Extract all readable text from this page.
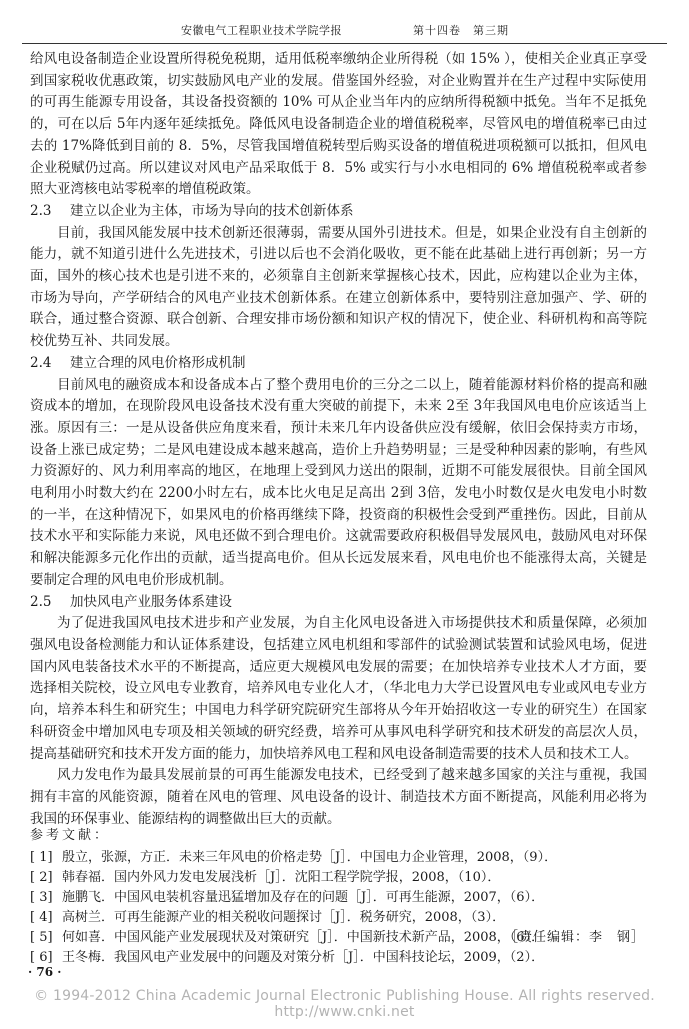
安徽电气工程职业技术学院学报	第十四卷　第三期

给风电设备制造企业设置所得税免税期，适用低税率缴纳企业所得税（如 15% ），使相关企业真正享受到国家税收优惠政策，切实鼓励风电产业的发展。借鉴国外经验，对企业购置并在生产过程中实际使用的可再生能源专用设备，其设备投资额的 10% 可从企业当年内的应纳所得税额中抵免。当年不足抵免的，可在以后 5年内逐年延续抵免。降低风电设备制造企业的增值税税率，尽管风电的增值税率已由过去的 17%降低到目前的 8．5%，尽管我国增值税转型后购买设备的增值税进项税额可以抵扣，但风电企业税赋仍过高。所以建议对风电产品采取低于 8．5% 或实行与小水电相同的 6% 增值税税率或者参照大亚湾核电站零税率的增值税政策。

2.3 建立以企业为主体，市场为导向的技术创新体系

目前，我国风能发展中技术创新还很薄弱，需要从国外引进技术。但是，如果企业没有自主创新的能力，就不知道引进什么先进技术，引进以后也不会消化吸收，更不能在此基础上进行再创新；另一方面，国外的核心技术也是引进不来的，必须靠自主创新来掌握核心技术，因此，应构建以企业为主体，市场为导向，产学研结合的风电产业技术创新体系。在建立创新体系中，要特别注意加强产、学、研的联合，通过整合资源、联合创新、合理安排市场份额和知识产权的情况下，使企业、科研机构和高等院校优势互补、共同发展。

2.4 建立合理的风电价格形成机制

目前风电的融资成本和设备成本占了整个费用电价的三分之二以上，随着能源材料价格的提高和融资成本的增加，在现阶段风电设备技术没有重大突破的前提下，未来 2至 3年我国风电电价应该适当上涨。原因有三：一是从设备供应角度来看，预计未来几年内设备供应没有缓解，依旧会保持卖方市场，设备上涨已成定势；二是风电建设成本越来越高，造价上升趋势明显；三是受种种因素的影响，有些风力资源好的、风力利用率高的地区，在地理上受到风力送出的限制，近期不可能发展很快。目前全国风电利用小时数大约在 2200小时左右，成本比火电足足高出 2到 3倍，发电小时数仅是火电发电小时数的一半，在这种情况下，如果风电的价格再继续下降，投资商的积极性会受到严重挫伤。因此，目前从技术水平和实际能力来说，风电还做不到合理电价。这就需要政府积极倡导发展风电，鼓励风电对环保和解决能源多元化作出的贡献，适当提高电价。但从长远发展来看，风电电价也不能涨得太高，关键是要制定合理的风电电价形成机制。

2.5 加快风电产业服务体系建设

为了促进我国风电技术进步和产业发展，为自主化风电设备进入市场提供技术和质量保障，必须加强风电设备检测能力和认证体系建设，包括建立风电机组和零部件的试验测试装置和试验风电场，促进国内风电装备技术水平的不断提高，适应更大规模风电发展的需要；在加快培养专业技术人才方面，要选择相关院校，设立风电专业教育，培养风电专业化人才，（华北电力大学已设置风电专业或风电专业方向，培养本科生和研究生；中国电力科学研究院研究生部将从今年开始招收这一专业的研究生）在国家科研资金中增加风电专项及相关领域的研究经费，培养可从事风电科学研究和技术研发的高层次人员，提高基础研究和技术开发方面的能力，加快培养风电工程和风电设备制造需要的技术人员和技术工人。

风力发电作为最具发展前景的可再生能源发电技术，已经受到了越来越多国家的关注与重视，我国拥有丰富的风能资源，随着在风电的管理、风电设备的设计、制造技术方面不断提高，风能利用必将为我国的环保事业、能源结构的调整做出巨大的贡献。

参考文献：
[ 1] 殷立，张源，方正．未来三年风电的价格走势［J］．中国电力企业管理，2008，（9）．
[ 2] 韩春福．国内外风力发电发展浅析［J］．沈阳工程学院学报，2008，（10）．
[ 3] 施鹏飞．中国风电装机容量迅猛增加及存在的问题［J］．可再生能源，2007，（6）．
[ 4] 高树兰．可再生能源产业的相关税收问题探讨［J］．税务研究，2008，（3）．
[ 5] 何如喜．中国风能产业发展现状及对策研究［J］．中国新技术新产品，2008，（6）．
[ 6] 王冬梅．我国风电产业发展中的问题及对策分析［J］．中国科技论坛，2009，（2）．
［责任编辑：李　钢］
· 76 ·
© 1994-2012 China Academic Journal Electronic Publishing House. All rights reserved. http://www.cnki.net
